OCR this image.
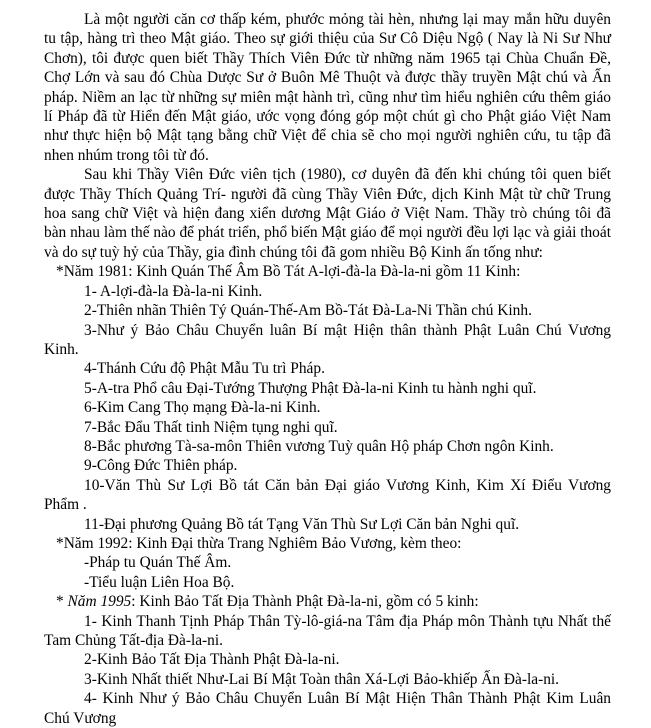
Là một người căn cơ thấp kém, phước mỏng tài hèn, nhưng lại may mắn hữu duyên tu tập, hàng trì theo Mật giáo. Theo sự giới thiệu của Sư Cô Diệu Ngộ ( Nay là Ni Sư Như Chơn), tôi được quen biết Thầy Thích Viên Đức từ những năm 1965 tại Chùa Chuẩn Đề, Chợ Lớn và sau đó Chùa Dược Sư ở Buôn Mê Thuột và được thầy truyền Mật chú và Ấn pháp. Niềm an lạc từ những sự miên mật hành trì, cũng như tìm hiểu nghiên cứu thêm giáo lí Pháp đã từ Hiển đến Mật giáo, ước vọng đóng góp một chút gì cho Phật giáo Việt Nam như thực hiện bộ Mật tạng bằng chữ Việt để chia sẽ cho mọi người nghiên cứu, tu tập đã nhen nhúm trong tôi từ đó.

Sau khi Thầy Viên Đức viên tịch (1980), cơ duyên đã đến khi chúng tôi quen biết được Thầy Thích Quảng Trí- người đã cùng Thầy Viên Đức, dịch Kinh Mật từ chữ Trung hoa sang chữ Việt và hiện đang xiển dương Mật Giáo ở Việt Nam. Thầy trò chúng tôi đã bàn nhau làm thế nào để phát triển, phổ biến Mật giáo để mọi người đều lợi lạc và giải thoát và do sự tuỳ hỷ của Thầy, gia đình chúng tôi đã gom nhiều Bộ Kinh ấn tống như:

*Năm 1981: Kinh Quán Thế Âm Bồ Tát A-lợi-đà-la Đà-la-ni gồm 11 Kinh:

1- A-lợi-đà-la Đà-la-ni Kinh.

2-Thiên nhãn Thiên Tý Quán-Thế-Am Bồ-Tát Đà-La-Ni Thần chú Kinh.

3-Như ý Bảo Châu Chuyển luân Bí mật Hiện thân thành Phật Luân Chú Vương Kinh.

4-Thánh Cứu độ Phật Mẫu Tu trì Pháp.

5-A-tra Phổ câu Đại-Tướng Thượng Phật Đà-la-ni Kinh tu hành nghi quĩ.

6-Kim Cang Thọ mạng Đà-la-ni Kinh.

7-Bắc Đẩu Thất tinh Niệm tụng nghi quĩ.

8-Bắc phương Tà-sa-môn Thiên vương Tuỳ quân Hộ pháp Chơn ngôn Kinh.

9-Công Đức Thiên pháp.

10-Văn Thù Sư Lợi Bồ tát Căn bản Đại giáo Vương Kinh, Kim Xí Điểu Vương Phẩm .

11-Đại phương Quảng Bồ tát Tạng Văn Thù Sư Lợi Căn bản Nghi quĩ.

*Năm 1992: Kinh Đại thừa Trang Nghiêm Bảo Vương, kèm theo:

-Pháp tu Quán Thế Âm.

-Tiểu luận Liên Hoa Bộ.

* Năm 1995: Kinh Bảo Tất Địa Thành Phật Đà-la-ni, gồm có 5 kinh:

1- Kinh Thanh Tịnh Pháp Thân Tỳ-lô-giá-na Tâm địa Pháp môn Thành tựu Nhất thế Tam Chủng Tất-địa Đà-la-ni.

2-Kinh Bảo Tất Địa Thành Phật Đà-la-ni.

3-Kinh Nhất thiết Như-Lai Bí Mật Toàn thân Xá-Lợi Bảo-khiếp Ấn Đà-la-ni.

4- Kinh Như ý Bảo Châu Chuyển Luân Bí Mật Hiện Thân Thành Phật Kim Luân Chú Vương
